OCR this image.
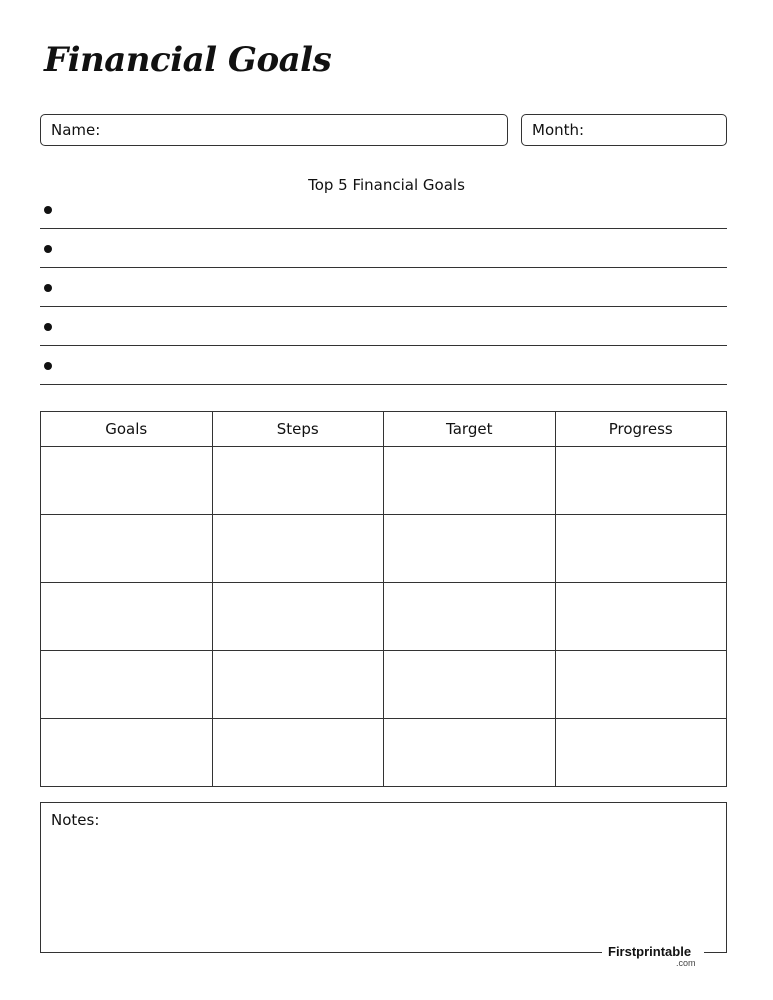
Financial Goals
Name:	Month:
Top 5 Financial Goals
Goals	Steps	Target	Progress

Notes:
Firstprintable
.com
